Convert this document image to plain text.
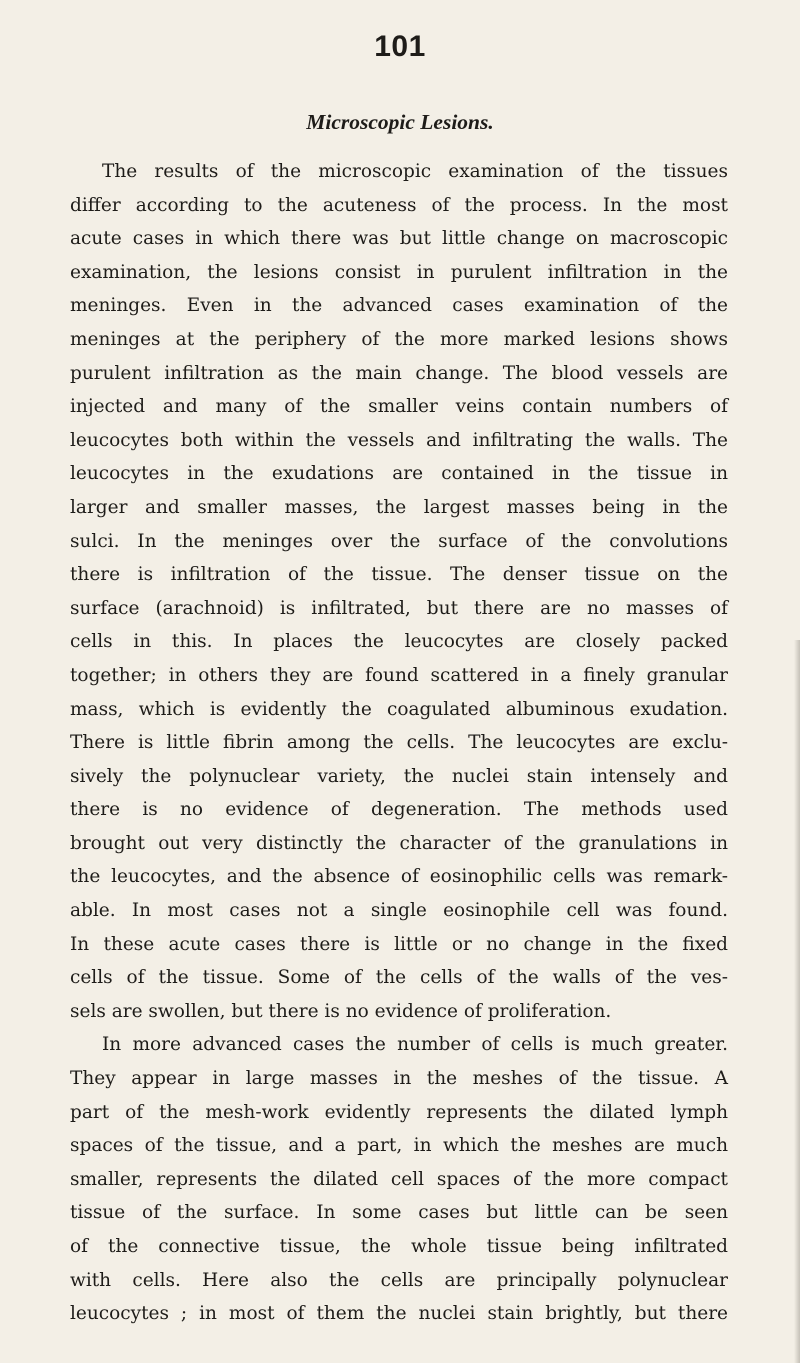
101
Microscopic Lesions.
The results of the microscopic examination of the tissues
differ according to the acuteness of the process. In the most
acute cases in which there was but little change on macroscopic
examination, the lesions consist in purulent infiltration in the
meninges. Even in the advanced cases examination of the
meninges at the periphery of the more marked lesions shows
purulent infiltration as the main change. The blood vessels are
injected and many of the smaller veins contain numbers of
leucocytes both within the vessels and infiltrating the walls. The
leucocytes in the exudations are contained in the tissue in
larger and smaller masses, the largest masses being in the
sulci. In the meninges over the surface of the convolutions
there is infiltration of the tissue. The denser tissue on the
surface (arachnoid) is infiltrated, but there are no masses of
cells in this. In places the leucocytes are closely packed
together; in others they are found scattered in a finely granular
mass, which is evidently the coagulated albuminous exudation.
There is little fibrin among the cells. The leucocytes are exclu-
sively the polynuclear variety, the nuclei stain intensely and
there is no evidence of degeneration. The methods used
brought out very distinctly the character of the granulations in
the leucocytes, and the absence of eosinophilic cells was remark-
able. In most cases not a single eosinophile cell was found.
In these acute cases there is little or no change in the fixed
cells of the tissue. Some of the cells of the walls of the ves-
sels are swollen, but there is no evidence of proliferation.
In more advanced cases the number of cells is much greater.
They appear in large masses in the meshes of the tissue. A
part of the mesh-work evidently represents the dilated lymph
spaces of the tissue, and a part, in which the meshes are much
smaller, represents the dilated cell spaces of the more compact
tissue of the surface. In some cases but little can be seen
of the connective tissue, the whole tissue being infiltrated
with cells. Here also the cells are principally polynuclear
leucocytes ; in most of them the nuclei stain brightly, but there
